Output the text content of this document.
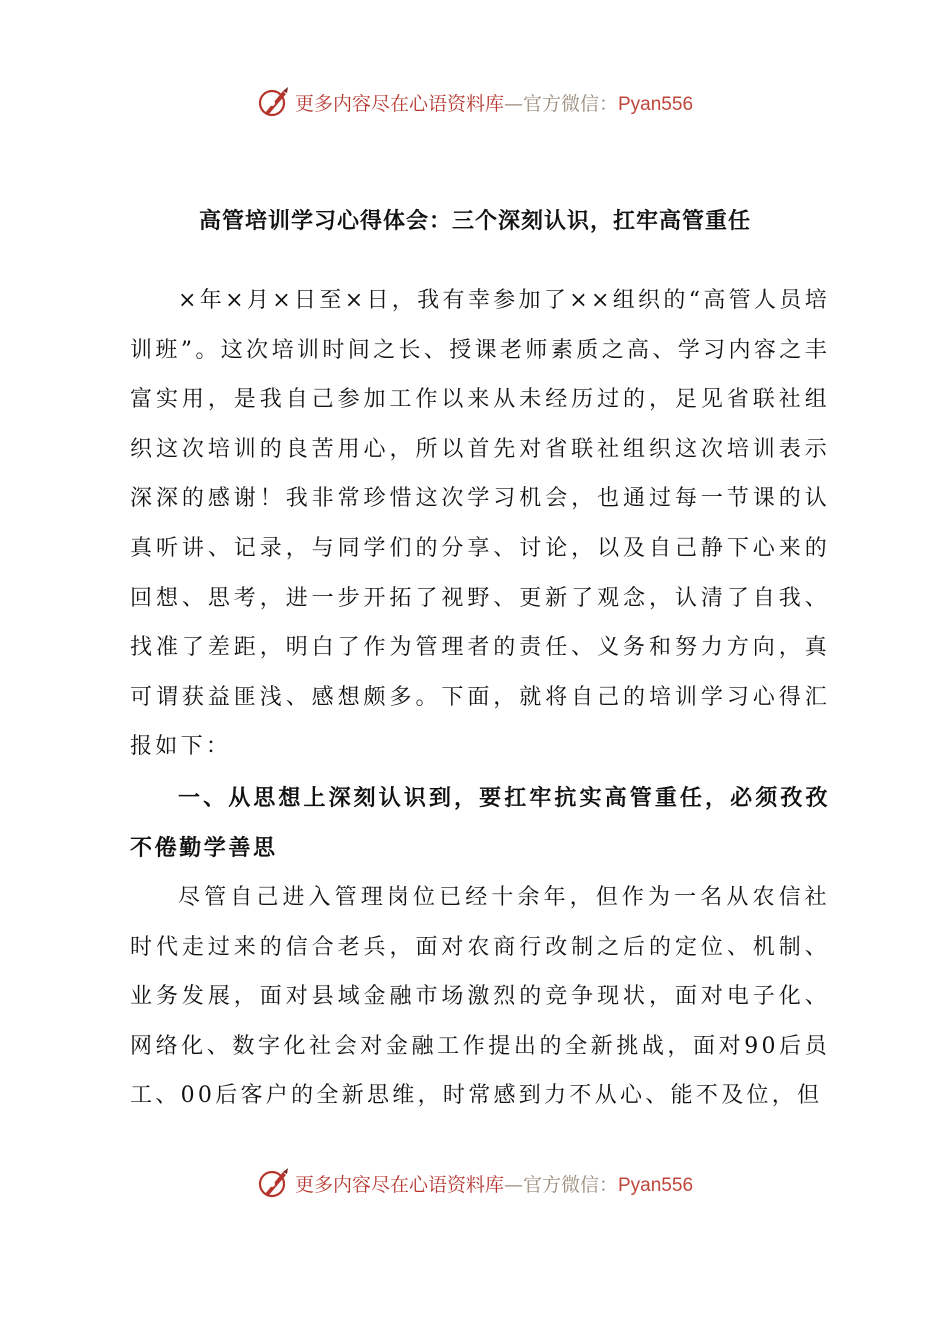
更多内容尽在心语资料库—官方微信：Pyan556
高管培训学习心得体会：三个深刻认识，扛牢高管重任

×年×月×日至×日，我有幸参加了××组织的“高管人员培训班”。这次培训时间之长、授课老师素质之高、学习内容之丰富实用，是我自己参加工作以来从未经历过的，足见省联社组织这次培训的良苦用心，所以首先对省联社组织这次培训表示深深的感谢！我非常珍惜这次学习机会，也通过每一节课的认真听讲、记录，与同学们的分享、讨论，以及自己静下心来的回想、思考，进一步开拓了视野、更新了观念，认清了自我、找准了差距，明白了作为管理者的责任、义务和努力方向，真可谓获益匪浅、感想颇多。下面，就将自己的培训学习心得汇报如下：

一、从思想上深刻认识到，要扛牢抗实高管重任，必须孜孜不倦勤学善思

尽管自己进入管理岗位已经十余年，但作为一名从农信社时代走过来的信合老兵，面对农商行改制之后的定位、机制、业务发展，面对县域金融市场激烈的竞争现状，面对电子化、网络化、数字化社会对金融工作提出的全新挑战，面对90后员工、00后客户的全新思维，时常感到力不从心、能不及位，但

更多内容尽在心语资料库—官方微信：Pyan556
